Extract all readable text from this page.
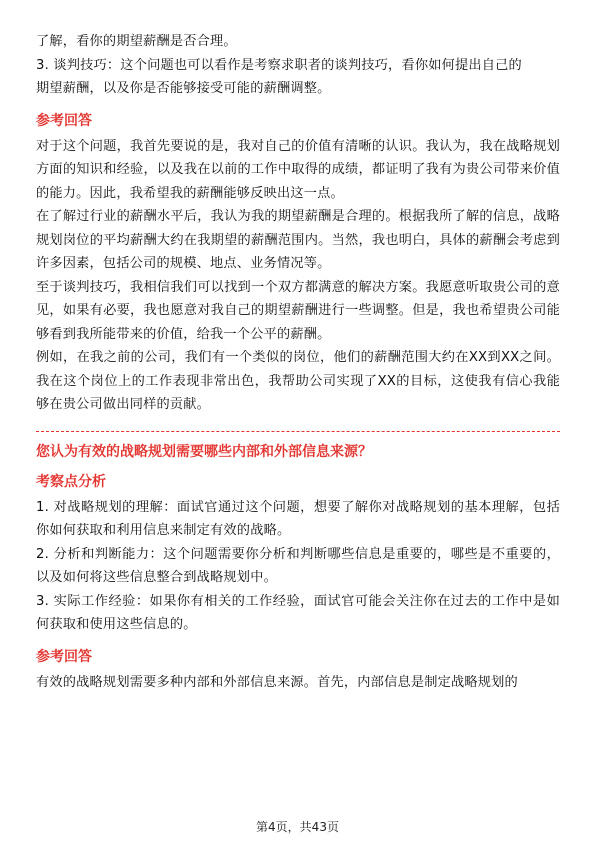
了解，看你的期望薪酬是否合理。

3. 谈判技巧：这个问题也可以看作是考察求职者的谈判技巧，看你如何提出自己的

期望薪酬，以及你是否能够接受可能的薪酬调整。

参考回答

对于这个问题，我首先要说的是，我对自己的价值有清晰的认识。我认为，我在战略规划方面的知识和经验，以及我在以前的工作中取得的成绩，都证明了我有为贵公司带来价值的能力。因此，我希望我的薪酬能够反映出这一点。

在了解过行业的薪酬水平后，我认为我的期望薪酬是合理的。根据我所了解的信息，战略规划岗位的平均薪酬大约在我期望的薪酬范围内。当然，我也明白，具体的薪酬会考虑到许多因素，包括公司的规模、地点、业务情况等。

至于谈判技巧，我相信我们可以找到一个双方都满意的解决方案。我愿意听取贵公司的意见，如果有必要，我也愿意对我自己的期望薪酬进行一些调整。但是，我也希望贵公司能够看到我所能带来的价值，给我一个公平的薪酬。

例如，在我之前的公司，我们有一个类似的岗位，他们的薪酬范围大约在XX到XX之间。我在这个岗位上的工作表现非常出色，我帮助公司实现了XX的目标，这使我有信心我能够在贵公司做出同样的贡献。

您认为有效的战略规划需要哪些内部和外部信息来源？
考察点分析

1. 对战略规划的理解：面试官通过这个问题，想要了解你对战略规划的基本理解，包括你如何获取和利用信息来制定有效的战略。

2. 分析和判断能力：这个问题需要你分析和判断哪些信息是重要的，哪些是不重要的，以及如何将这些信息整合到战略规划中。

3. 实际工作经验：如果你有相关的工作经验，面试官可能会关注你在过去的工作中是如何获取和使用这些信息的。

参考回答

有效的战略规划需要多种内部和外部信息来源。首先，内部信息是制定战略规划的

第4页，共43页
